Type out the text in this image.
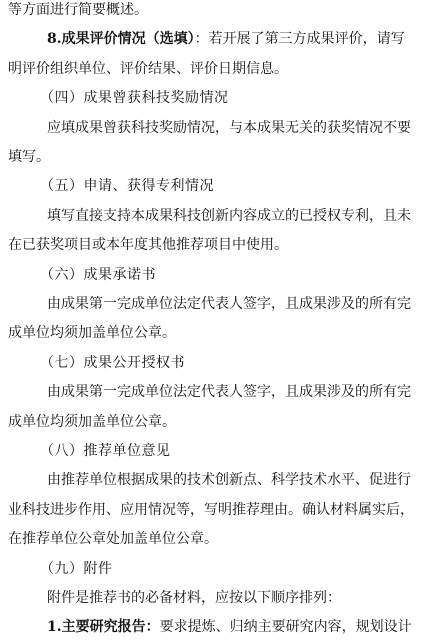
等方面进行简要概述。
8.成果评价情况（选填）：若开展了第三方成果评价，请写
明评价组织单位、评价结果、评价日期信息。
（四）成果曾获科技奖励情况
应填成果曾获科技奖励情况，与本成果无关的获奖情况不要
填写。
（五）申请、获得专利情况
填写直接支持本成果科技创新内容成立的已授权专利，且未
在已获奖项目或本年度其他推荐项目中使用。
（六）成果承诺书
由成果第一完成单位法定代表人签字，且成果涉及的所有完
成单位均须加盖单位公章。
（七）成果公开授权书
由成果第一完成单位法定代表人签字，且成果涉及的所有完
成单位均须加盖单位公章。
（八）推荐单位意见
由推荐单位根据成果的技术创新点、科学技术水平、促进行
业科技进步作用、应用情况等，写明推荐理由。确认材料属实后，
在推荐单位公章处加盖单位公章。
（九）附件
附件是推荐书的必备材料，应按以下顺序排列：
1.主要研究报告：要求提炼、归纳主要研究内容，规划设计
